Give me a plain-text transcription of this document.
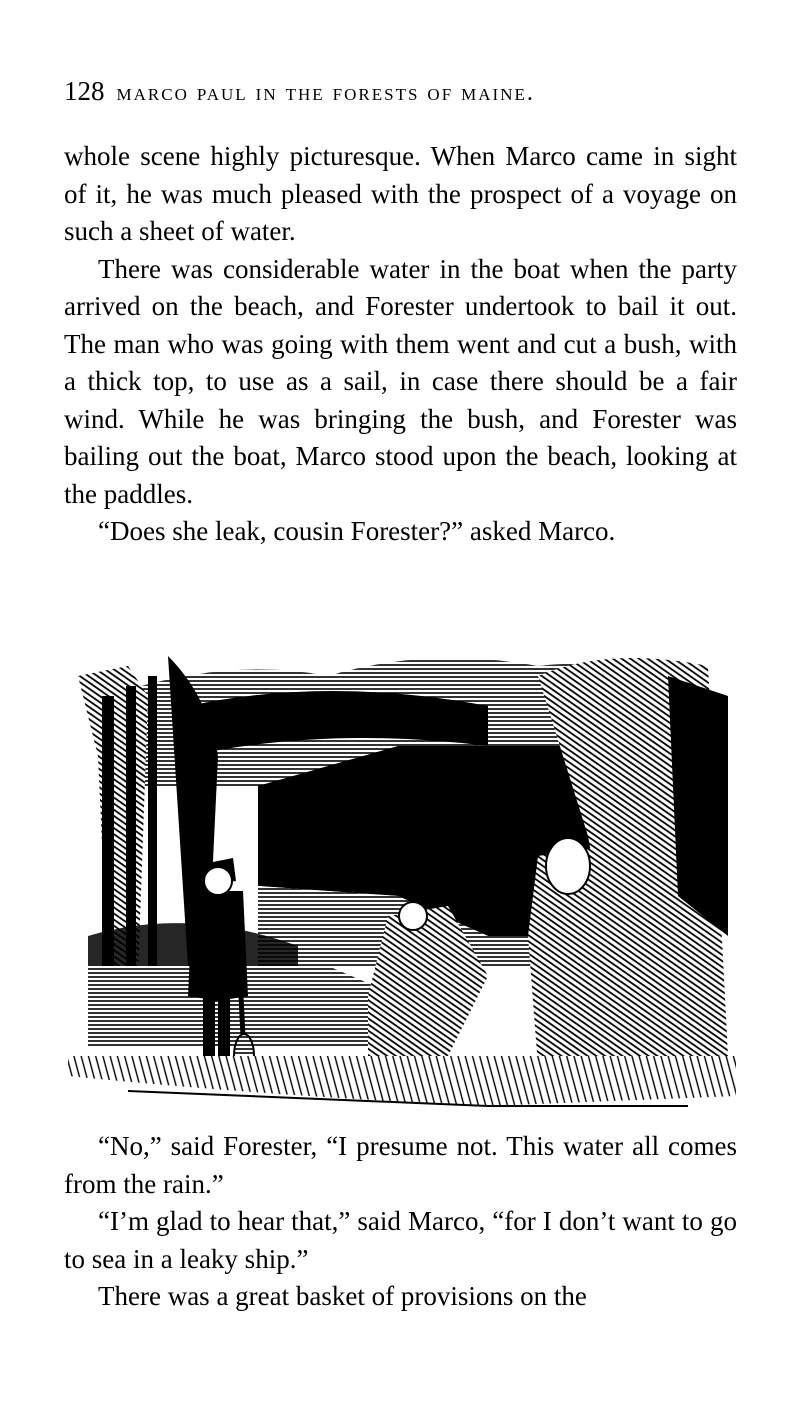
128 marco paul in the forests of maine.

whole scene highly picturesque. When Marco came in sight of it, he was much pleased with the prospect of a voyage on such a sheet of water.

There was considerable water in the boat when the party arrived on the beach, and Forester undertook to bail it out. The man who was going with them went and cut a bush, with a thick top, to use as a sail, in case there should be a fair wind. While he was bringing the bush, and Forester was bailing out the boat, Marco stood upon the beach, looking at the paddles.

“Does she leak, cousin Forester?” asked Marco.

“No,” said Forester, “I presume not. This water all comes from the rain.”

“I’m glad to hear that,” said Marco, “for I don’t want to go to sea in a leaky ship.”

There was a great basket of provisions on the
